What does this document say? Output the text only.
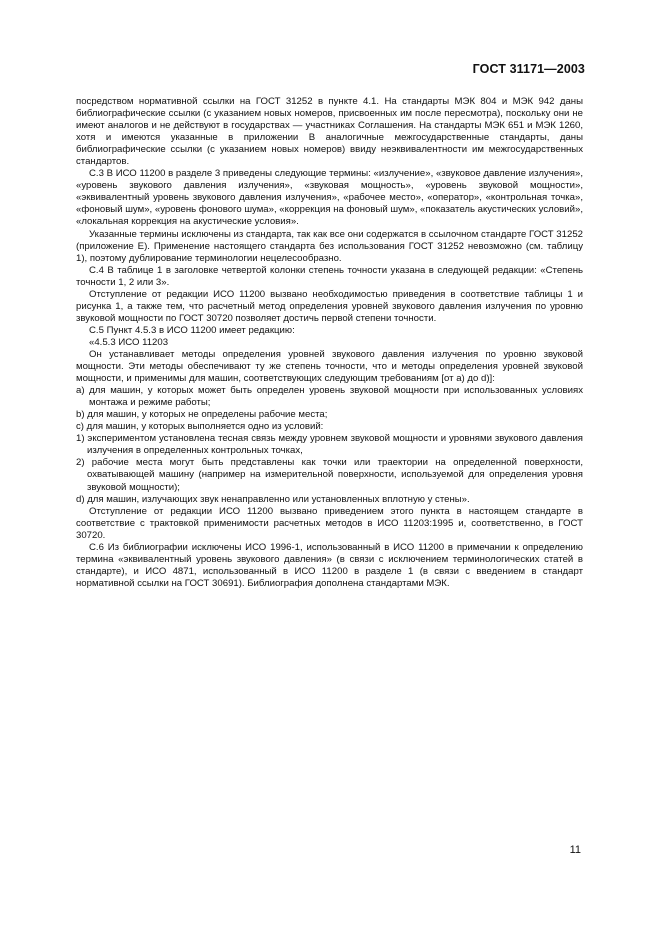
ГОСТ 31171—2003

посредством нормативной ссылки на ГОСТ 31252 в пункте 4.1. На стандарты МЭК 804 и МЭК 942 даны библиографические ссылки (с указанием новых номеров, присвоенных им после пересмотра), поскольку они не имеют аналогов и не действуют в государствах — участниках Соглашения. На стандарты МЭК 651 и МЭК 1260, хотя и имеются указанные в приложении В аналогичные межгосударственные стандарты, даны библиографические ссылки (с указанием новых номеров) ввиду неэквивалентности им межгосударственных стандартов.

С.3 В ИСО 11200 в разделе 3 приведены следующие термины: «излучение», «звуковое давление излучения», «уровень звукового давления излучения», «звуковая мощность», «уровень звуковой мощности», «эквивалентный уровень звукового давления излучения», «рабочее место», «оператор», «контрольная точка», «фоновый шум», «уровень фонового шума», «коррекция на фоновый шум», «показатель акустических условий», «локальная коррекция на акустические условия».

Указанные термины исключены из стандарта, так как все они содержатся в ссылочном стандарте ГОСТ 31252 (приложение Е). Применение настоящего стандарта без использования ГОСТ 31252 невозможно (см. таблицу 1), поэтому дублирование терминологии нецелесообразно.

С.4 В таблице 1 в заголовке четвертой колонки степень точности указана в следующей редакции: «Степень точности 1, 2 или 3».

Отступление от редакции ИСО 11200 вызвано необходимостью приведения в соответствие таблицы 1 и рисунка 1, а также тем, что расчетный метод определения уровней звукового давления излучения по уровню звуковой мощности по ГОСТ 30720 позволяет достичь первой степени точности.

С.5 Пункт 4.5.3 в ИСО 11200 имеет редакцию:

«4.5.3 ИСО 11203

Он устанавливает методы определения уровней звукового давления излучения по уровню звуковой мощности. Эти методы обеспечивают ту же степень точности, что и методы определения уровней звуковой мощности, и применимы для машин, соответствующих следующим требованиям [от а) до d)]:

a) для машин, у которых может быть определен уровень звуковой мощности при использованных условиях монтажа и режиме работы;

b) для машин, у которых не определены рабочие места;

c) для машин, у которых выполняется одно из условий:

1) экспериментом установлена тесная связь между уровнем звуковой мощности и уровнями звукового давления излучения в определенных контрольных точках,

2) рабочие места могут быть представлены как точки или траектории на определенной поверхности, охватывающей машину (например на измерительной поверхности, используемой для определения уровня звуковой мощности);

d) для машин, излучающих звук ненаправленно или установленных вплотную у стены».

Отступление от редакции ИСО 11200 вызвано приведением этого пункта в настоящем стандарте в соответствие с трактовкой применимости расчетных методов в ИСО 11203:1995 и, соответственно, в ГОСТ 30720.

С.6 Из библиографии исключены ИСО 1996-1, использованный в ИСО 11200 в примечании к определению термина «эквивалентный уровень звукового давления» (в связи с исключением терминологических статей в стандарте), и ИСО 4871, использованный в ИСО 11200 в разделе 1 (в связи с введением в стандарт нормативной ссылки на ГОСТ 30691). Библиография дополнена стандартами МЭК.

11
